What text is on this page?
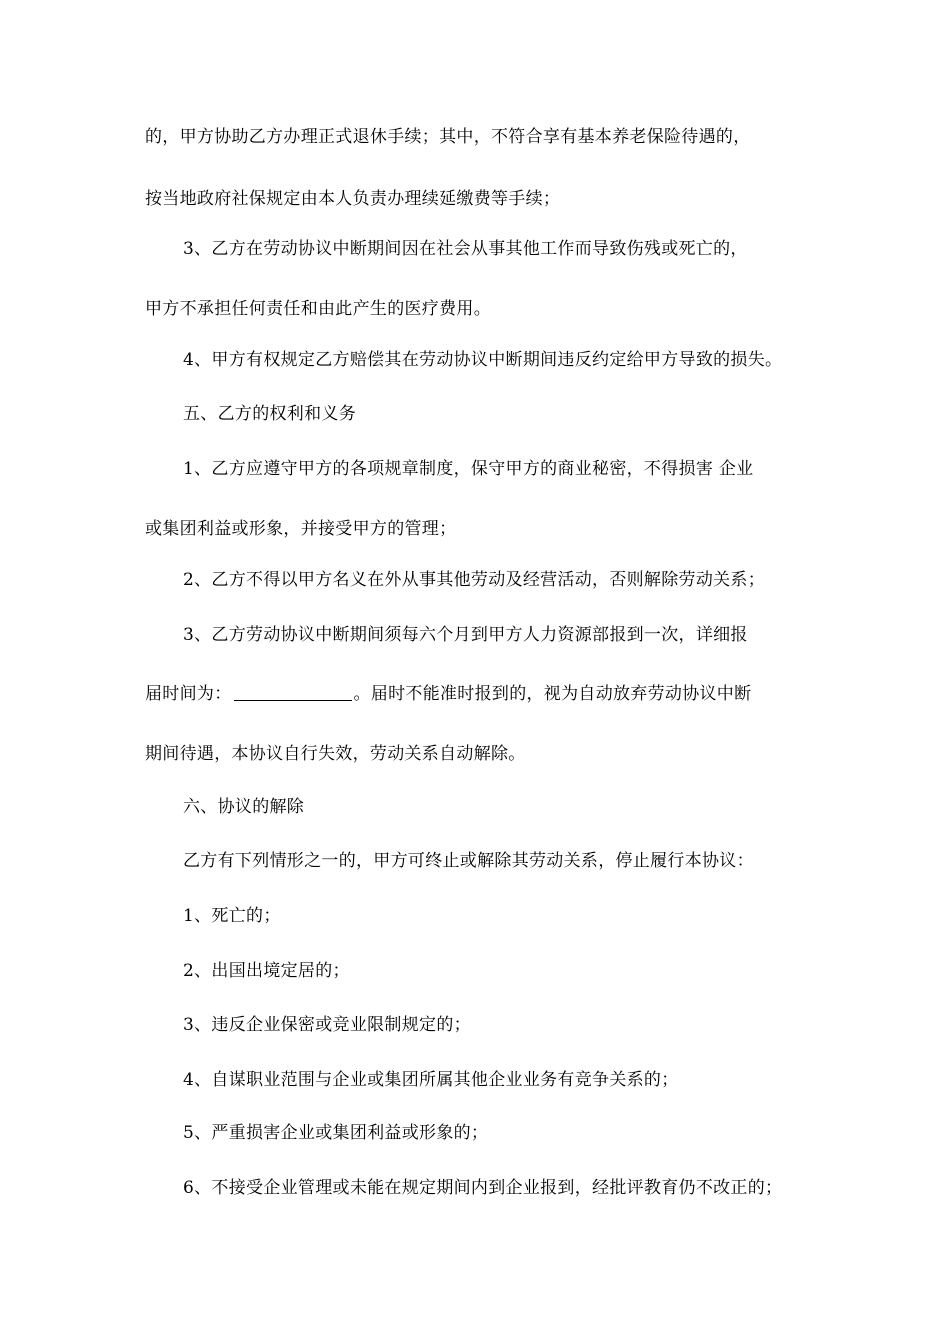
的，甲方协助乙方办理正式退休手续；其中，不符合享有基本养老保险待遇的，
按当地政府社保规定由本人负责办理续延缴费等手续；
3、乙方在劳动协议中断期间因在社会从事其他工作而导致伤残或死亡的，
甲方不承担任何责任和由此产生的医疗费用。
4、甲方有权规定乙方赔偿其在劳动协议中断期间违反约定给甲方导致的损失。
五、乙方的权利和义务
1、乙方应遵守甲方的各项规章制度，保守甲方的商业秘密，不得损害 企业
或集团利益或形象，并接受甲方的管理；
2、乙方不得以甲方名义在外从事其他劳动及经营活动，否则解除劳动关系；
3、乙方劳动协议中断期间须每六个月到甲方人力资源部报到一次，详细报
届时间为：	。届时不能准时报到的，视为自动放弃劳动协议中断
期间待遇，本协议自行失效，劳动关系自动解除。
六、协议的解除
乙方有下列情形之一的，甲方可终止或解除其劳动关系，停止履行本协议：
1、死亡的；
2、出国出境定居的；
3、违反企业保密或竞业限制规定的；
4、自谋职业范围与企业或集团所属其他企业业务有竞争关系的；
5、严重损害企业或集团利益或形象的；
6、不接受企业管理或未能在规定期间内到企业报到，经批评教育仍不改正的；
